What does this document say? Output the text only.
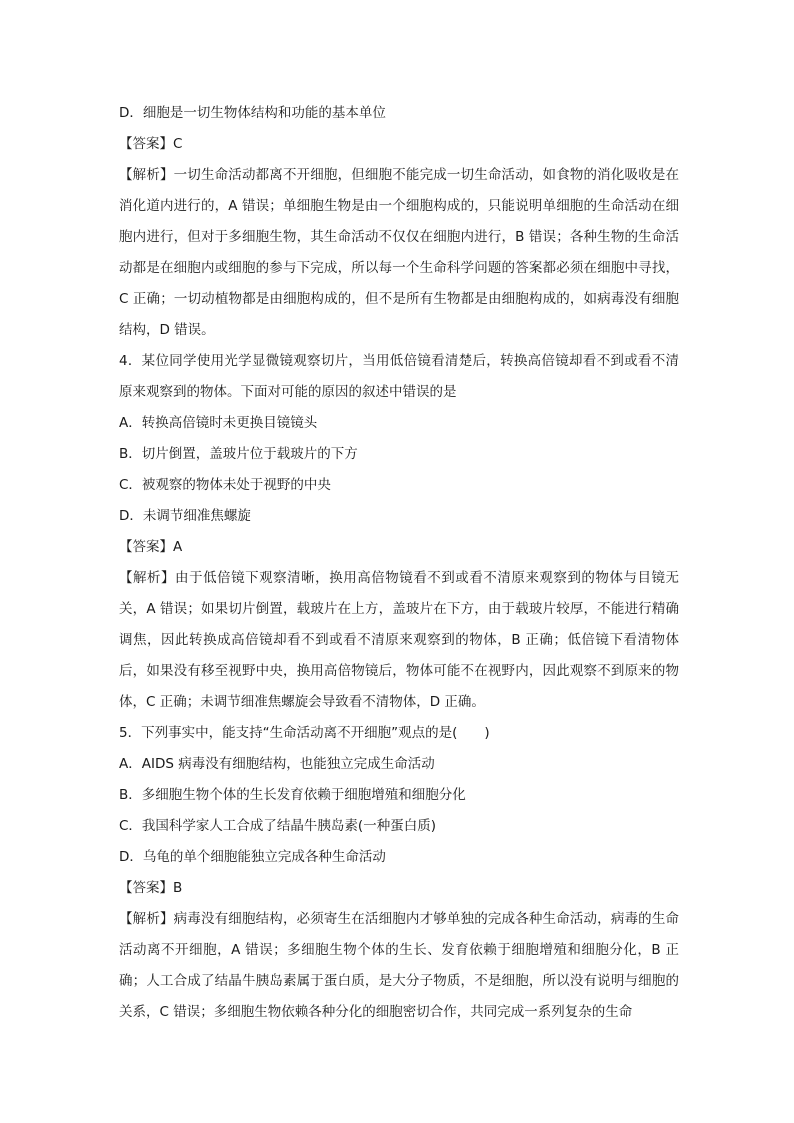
D．细胞是一切生物体结构和功能的基本单位

【答案】C

【解析】一切生命活动都离不开细胞，但细胞不能完成一切生命活动，如食物的消化吸收是在消化道内进行的，A 错误；单细胞生物是由一个细胞构成的，只能说明单细胞的生命活动在细胞内进行，但对于多细胞生物，其生命活动不仅仅在细胞内进行，B 错误；各种生物的生命活动都是在细胞内或细胞的参与下完成，所以每一个生命科学问题的答案都必须在细胞中寻找，C 正确；一切动植物都是由细胞构成的，但不是所有生物都是由细胞构成的，如病毒没有细胞结构，D 错误。

4．某位同学使用光学显微镜观察切片，当用低倍镜看清楚后，转换高倍镜却看不到或看不清原来观察到的物体。下面对可能的原因的叙述中错误的是

A．转换高倍镜时未更换目镜镜头

B．切片倒置，盖玻片位于载玻片的下方

C．被观察的物体未处于视野的中央

D．未调节细准焦螺旋

【答案】A

【解析】由于低倍镜下观察清晰，换用高倍物镜看不到或看不清原来观察到的物体与目镜无关，A 错误；如果切片倒置，载玻片在上方，盖玻片在下方，由于载玻片较厚，不能进行精确调焦，因此转换成高倍镜却看不到或看不清原来观察到的物体，B 正确；低倍镜下看清物体后，如果没有移至视野中央，换用高倍物镜后，物体可能不在视野内，因此观察不到原来的物体，C 正确；未调节细准焦螺旋会导致看不清物体，D 正确。

5．下列事实中，能支持“生命活动离不开细胞”观点的是(　　)

A．AIDS 病毒没有细胞结构，也能独立完成生命活动

B．多细胞生物个体的生长发育依赖于细胞增殖和细胞分化

C．我国科学家人工合成了结晶牛胰岛素(一种蛋白质)

D．乌龟的单个细胞能独立完成各种生命活动

【答案】B

【解析】病毒没有细胞结构，必须寄生在活细胞内才够单独的完成各种生命活动，病毒的生命活动离不开细胞，A 错误；多细胞生物个体的生长、发育依赖于细胞增殖和细胞分化，B 正确；人工合成了结晶牛胰岛素属于蛋白质，是大分子物质，不是细胞，所以没有说明与细胞的关系，C 错误；多细胞生物依赖各种分化的细胞密切合作，共同完成一系列复杂的生命
